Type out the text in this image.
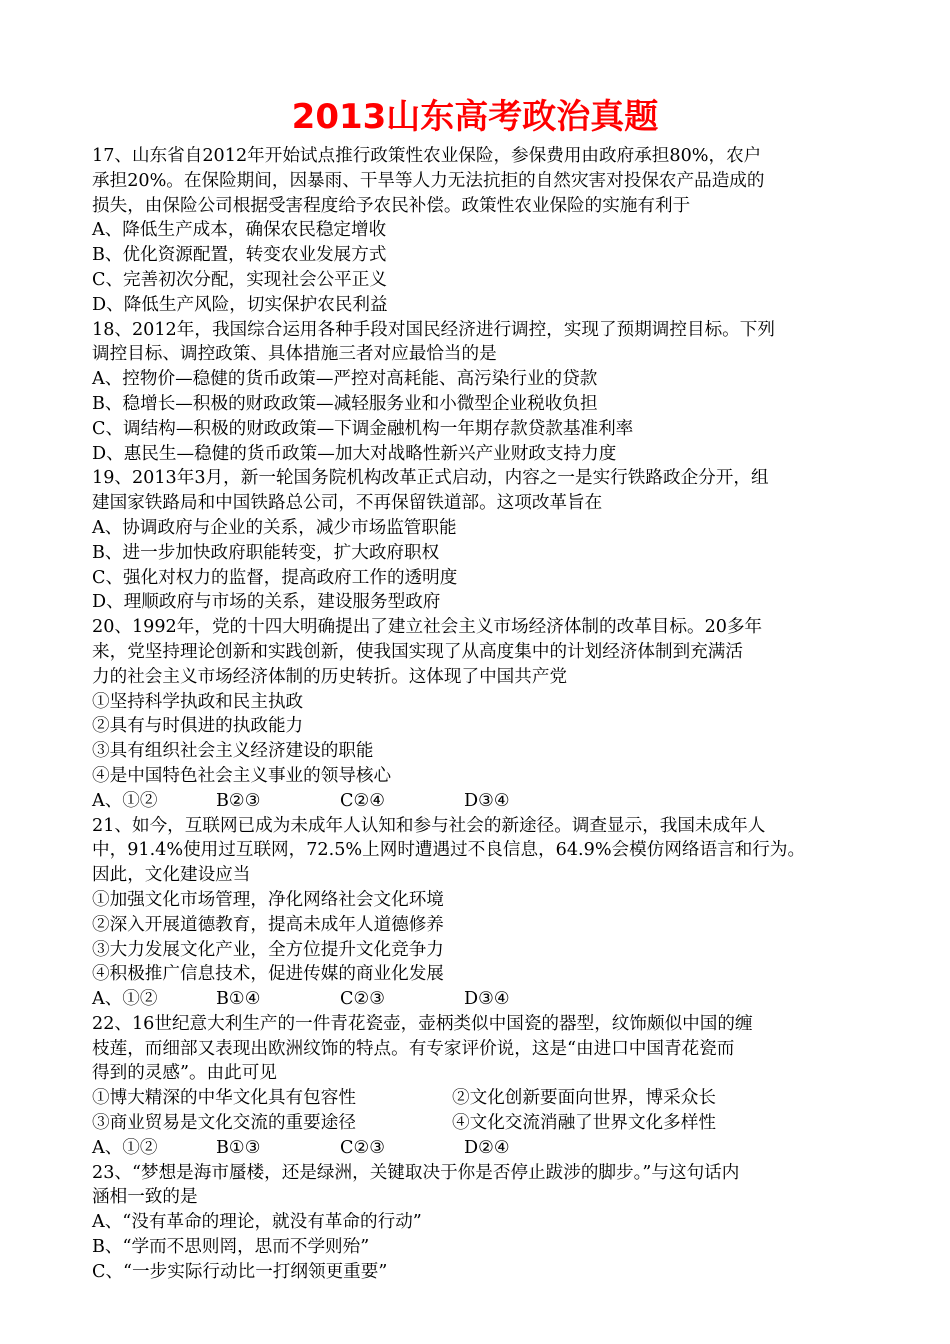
2013山东高考政治真题
17、山东省自2012年开始试点推行政策性农业保险，参保费用由政府承担80%，农户
承担20%。在保险期间，因暴雨、干旱等人力无法抗拒的自然灾害对投保农产品造成的
损失，由保险公司根据受害程度给予农民补偿。政策性农业保险的实施有利于
A、降低生产成本，确保农民稳定增收
B、优化资源配置，转变农业发展方式
C、完善初次分配，实现社会公平正义
D、降低生产风险，切实保护农民利益
18、2012年，我国综合运用各种手段对国民经济进行调控，实现了预期调控目标。下列
调控目标、调控政策、具体措施三者对应最恰当的是
A、控物价—稳健的货币政策—严控对高耗能、高污染行业的贷款
B、稳增长—积极的财政政策—减轻服务业和小微型企业税收负担
C、调结构—积极的财政政策—下调金融机构一年期存款贷款基准利率
D、惠民生—稳健的货币政策—加大对战略性新兴产业财政支持力度
19、2013年3月，新一轮国务院机构改革正式启动，内容之一是实行铁路政企分开，组
建国家铁路局和中国铁路总公司，不再保留铁道部。这项改革旨在
A、协调政府与企业的关系，减少市场监管职能
B、进一步加快政府职能转变，扩大政府职权
C、强化对权力的监督，提高政府工作的透明度
D、理顺政府与市场的关系，建设服务型政府
20、1992年，党的十四大明确提出了建立社会主义市场经济体制的改革目标。20多年
来，党坚持理论创新和实践创新，使我国实现了从高度集中的计划经济体制到充满活
力的社会主义市场经济体制的历史转折。这体现了中国共产党
①坚持科学执政和民主执政
②具有与时俱进的执政能力
③具有组织社会主义经济建设的职能
④是中国特色社会主义事业的领导核心
A、①②	B②③	C②④	D③④
21、如今，互联网已成为未成年人认知和参与社会的新途径。调查显示，我国未成年人
中，91.4%使用过互联网，72.5%上网时遭遇过不良信息，64.9%会模仿网络语言和行为。
因此，文化建设应当
①加强文化市场管理，净化网络社会文化环境
②深入开展道德教育，提高未成年人道德修养
③大力发展文化产业，全方位提升文化竞争力
④积极推广信息技术，促进传媒的商业化发展
A、①②	B①④	C②③	D③④
22、16世纪意大利生产的一件青花瓷壶，壶柄类似中国瓷的器型，纹饰颇似中国的缠
枝莲，而细部又表现出欧洲纹饰的特点。有专家评价说，这是“由进口中国青花瓷而
得到的灵感”。由此可见
①博大精深的中华文化具有包容性	②文化创新要面向世界，博采众长
③商业贸易是文化交流的重要途径	④文化交流消融了世界文化多样性
A、①②	B①③	C②③	D②④
23、“梦想是海市蜃楼，还是绿洲，关键取决于你是否停止跋涉的脚步。”与这句话内
涵相一致的是
A、“没有革命的理论，就没有革命的行动”
B、“学而不思则罔，思而不学则殆”
C、“一步实际行动比一打纲领更重要”
